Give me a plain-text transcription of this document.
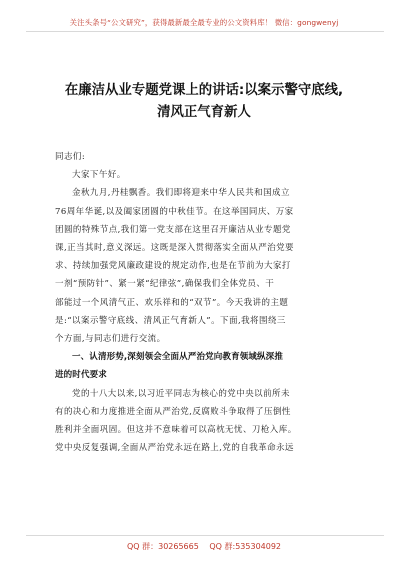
关注头条号“公文研究”，获得最新最全最专业的公文资料库！ 微信：gongwenyj
在廉洁从业专题党课上的讲话:以案示警守底线,
清风正气育新人
同志们:
大家下午好。
金秋九月,丹桂飘香。我们即将迎来中华人民共和国成立
76周年华诞,以及阖家团圆的中秋佳节。在这举国同庆、万家
团圆的特殊节点,我们第一党支部在这里召开廉洁从业专题党
课,正当其时,意义深远。这既是深入贯彻落实全面从严治党要
求、持续加强党风廉政建设的规定动作,也是在节前为大家打
一剂“预防针”、紧一紧“纪律弦”,确保我们全体党员、干
部能过一个风清气正、欢乐祥和的“双节”。今天我讲的主题
是:“以案示警守底线、清风正气育新人”。下面,我将围绕三
个方面,与同志们进行交流。
一、认清形势,深刻领会全面从严治党向教育领域纵深推
进的时代要求
党的十八大以来,以习近平同志为核心的党中央以前所未
有的决心和力度推进全面从严治党,反腐败斗争取得了压倒性
胜利并全面巩固。但这并不意味着可以高枕无忧、刀枪入库。
党中央反复强调,全面从严治党永远在路上,党的自我革命永远
QQ 群：30265665 QQ 群:535304092
